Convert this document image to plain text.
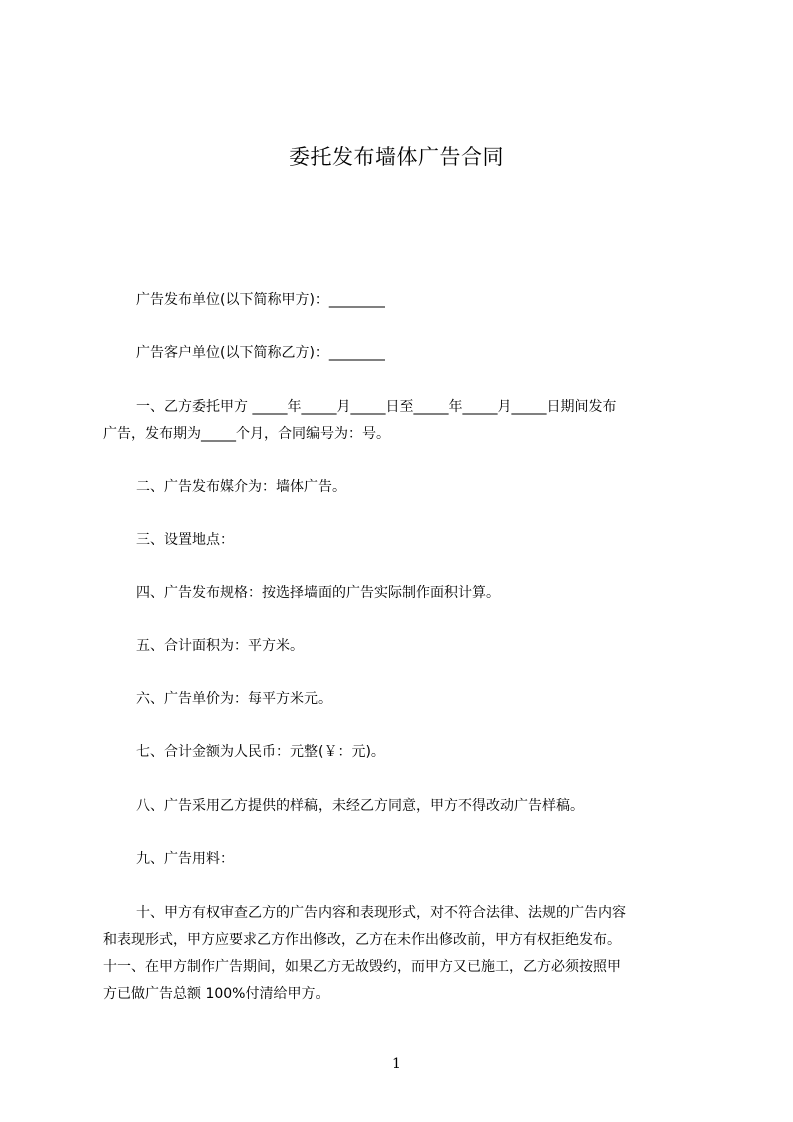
委托发布墙体广告合同
广告发布单位(以下简称甲方)：________
广告客户单位(以下简称乙方)：________
一、乙方委托甲方 _____年_____月_____日至_____年_____月_____日期间发布
广告，发布期为_____个月，合同编号为：号。
二、广告发布媒介为：墙体广告。
三、设置地点：
四、广告发布规格：按选择墙面的广告实际制作面积计算。
五、合计面积为：平方米。
六、广告单价为：每平方米元。
七、合计金额为人民币：元整(￥：元)。
八、广告采用乙方提供的样稿，未经乙方同意，甲方不得改动广告样稿。
九、广告用料：
十、甲方有权审查乙方的广告内容和表现形式，对不符合法律、法规的广告内容
和表现形式，甲方应要求乙方作出修改，乙方在未作出修改前，甲方有权拒绝发布。
十一、在甲方制作广告期间，如果乙方无故毁约，而甲方又已施工，乙方必须按照甲
方已做广告总额 100%付清给甲方。
1
